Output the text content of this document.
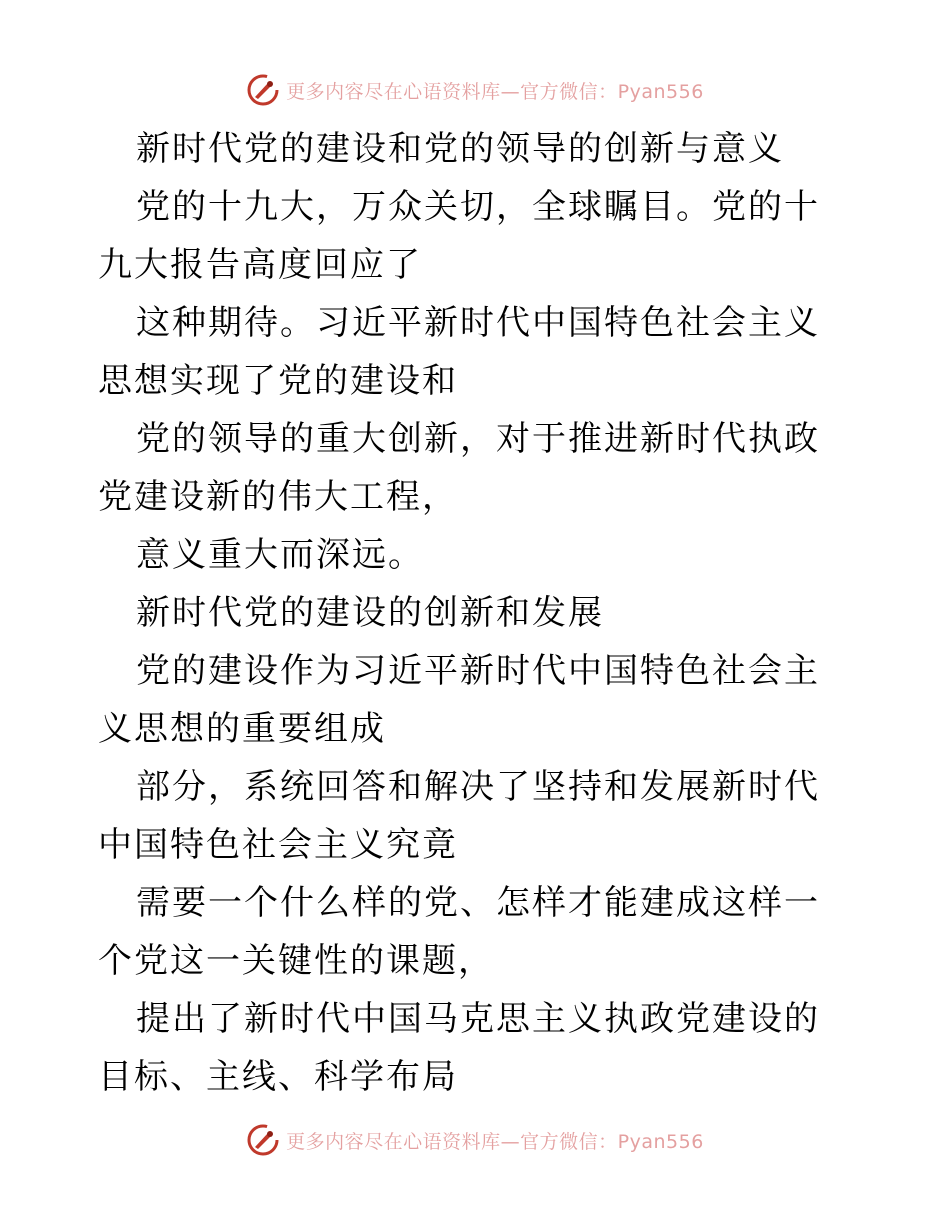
更多内容尽在心语资料库—官方微信：Pyan556

新时代党的建设和党的领导的创新与意义

党的十九大，万众关切，全球瞩目。党的十九大报告高度回应了

这种期待。习近平新时代中国特色社会主义思想实现了党的建设和

党的领导的重大创新，对于推进新时代执政党建设新的伟大工程，

意义重大而深远。

新时代党的建设的创新和发展

党的建设作为习近平新时代中国特色社会主义思想的重要组成

部分，系统回答和解决了坚持和发展新时代中国特色社会主义究竟

需要一个什么样的党、怎样才能建成这样一个党这一关键性的课题，

提出了新时代中国马克思主义执政党建设的目标、主线、科学布局

更多内容尽在心语资料库—官方微信：Pyan556
